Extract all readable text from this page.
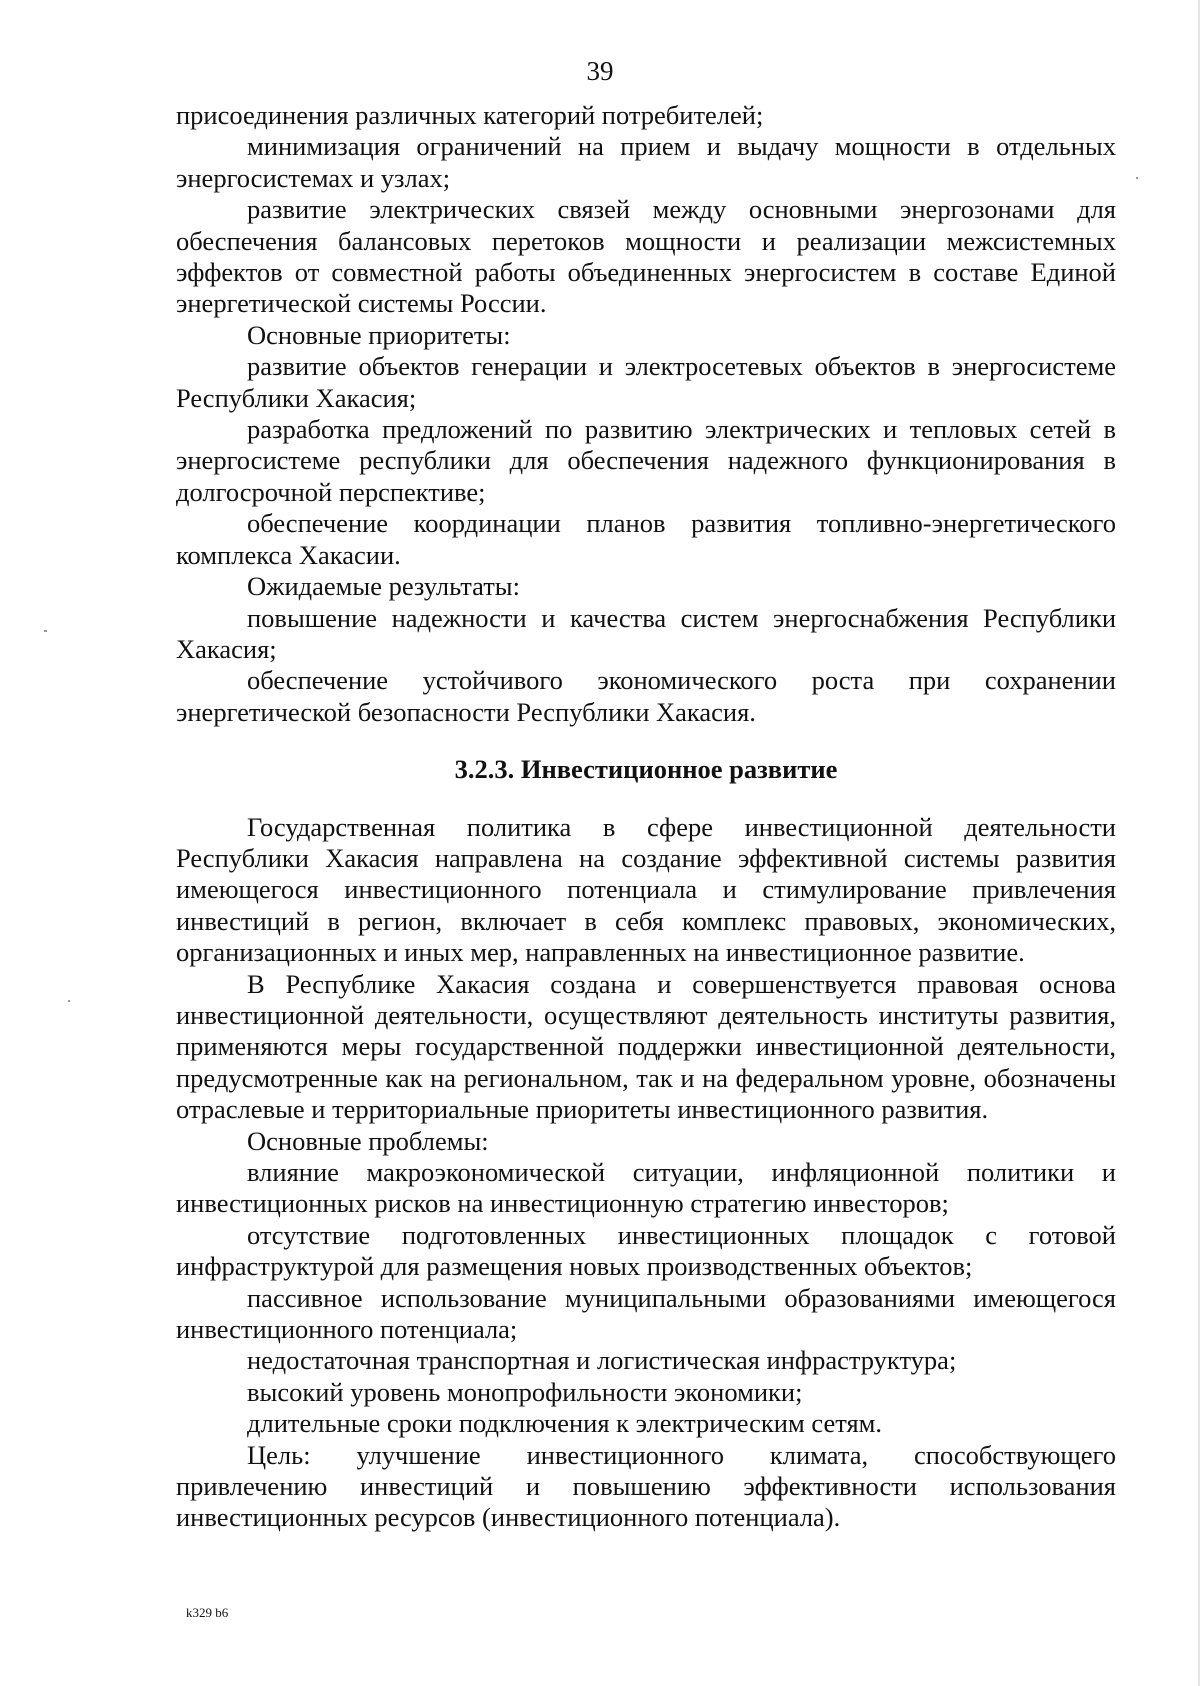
39

присоединения различных категорий потребителей;

минимизация ограничений на прием и выдачу мощности в отдельных энергосистемах и узлах;

развитие электрических связей между основными энергозонами для обеспечения балансовых перетоков мощности и реализации межсистемных эффектов от совместной работы объединенных энергосистем в составе Единой энергетической системы России.

Основные приоритеты:

развитие объектов генерации и электросетевых объектов в энергосистеме Республики Хакасия;

разработка предложений по развитию электрических и тепловых сетей в энергосистеме республики для обеспечения надежного функционирования в долгосрочной перспективе;

обеспечение координации планов развития топливно-энергетического комплекса Хакасии.

Ожидаемые результаты:

повышение надежности и качества систем энергоснабжения Республики Хакасия;

обеспечение устойчивого экономического роста при сохранении энергетической безопасности Республики Хакасия.

3.2.3. Инвестиционное развитие

Государственная политика в сфере инвестиционной деятельности Республики Хакасия направлена на создание эффективной системы развития имеющегося инвестиционного потенциала и стимулирование привлечения инвестиций в регион, включает в себя комплекс правовых, экономических, организационных и иных мер, направленных на инвестиционное развитие.

В Республике Хакасия создана и совершенствуется правовая основа инвестиционной деятельности, осуществляют деятельность институты развития, применяются меры государственной поддержки инвестиционной деятельности, предусмотренные как на региональном, так и на федеральном уровне, обозначены отраслевые и территориальные приоритеты инвестиционного развития.

Основные проблемы:

влияние макроэкономической ситуации, инфляционной политики и инвестиционных рисков на инвестиционную стратегию инвесторов;

отсутствие подготовленных инвестиционных площадок с готовой инфраструктурой для размещения новых производственных объектов;

пассивное использование муниципальными образованиями имеющегося инвестиционного потенциала;

недостаточная транспортная и логистическая инфраструктура;

высокий уровень монопрофильности экономики;

длительные сроки подключения к электрическим сетям.

Цель: улучшение инвестиционного климата, способствующего привлечению инвестиций и повышению эффективности использования инвестиционных ресурсов (инвестиционного потенциала).

k329 b6
